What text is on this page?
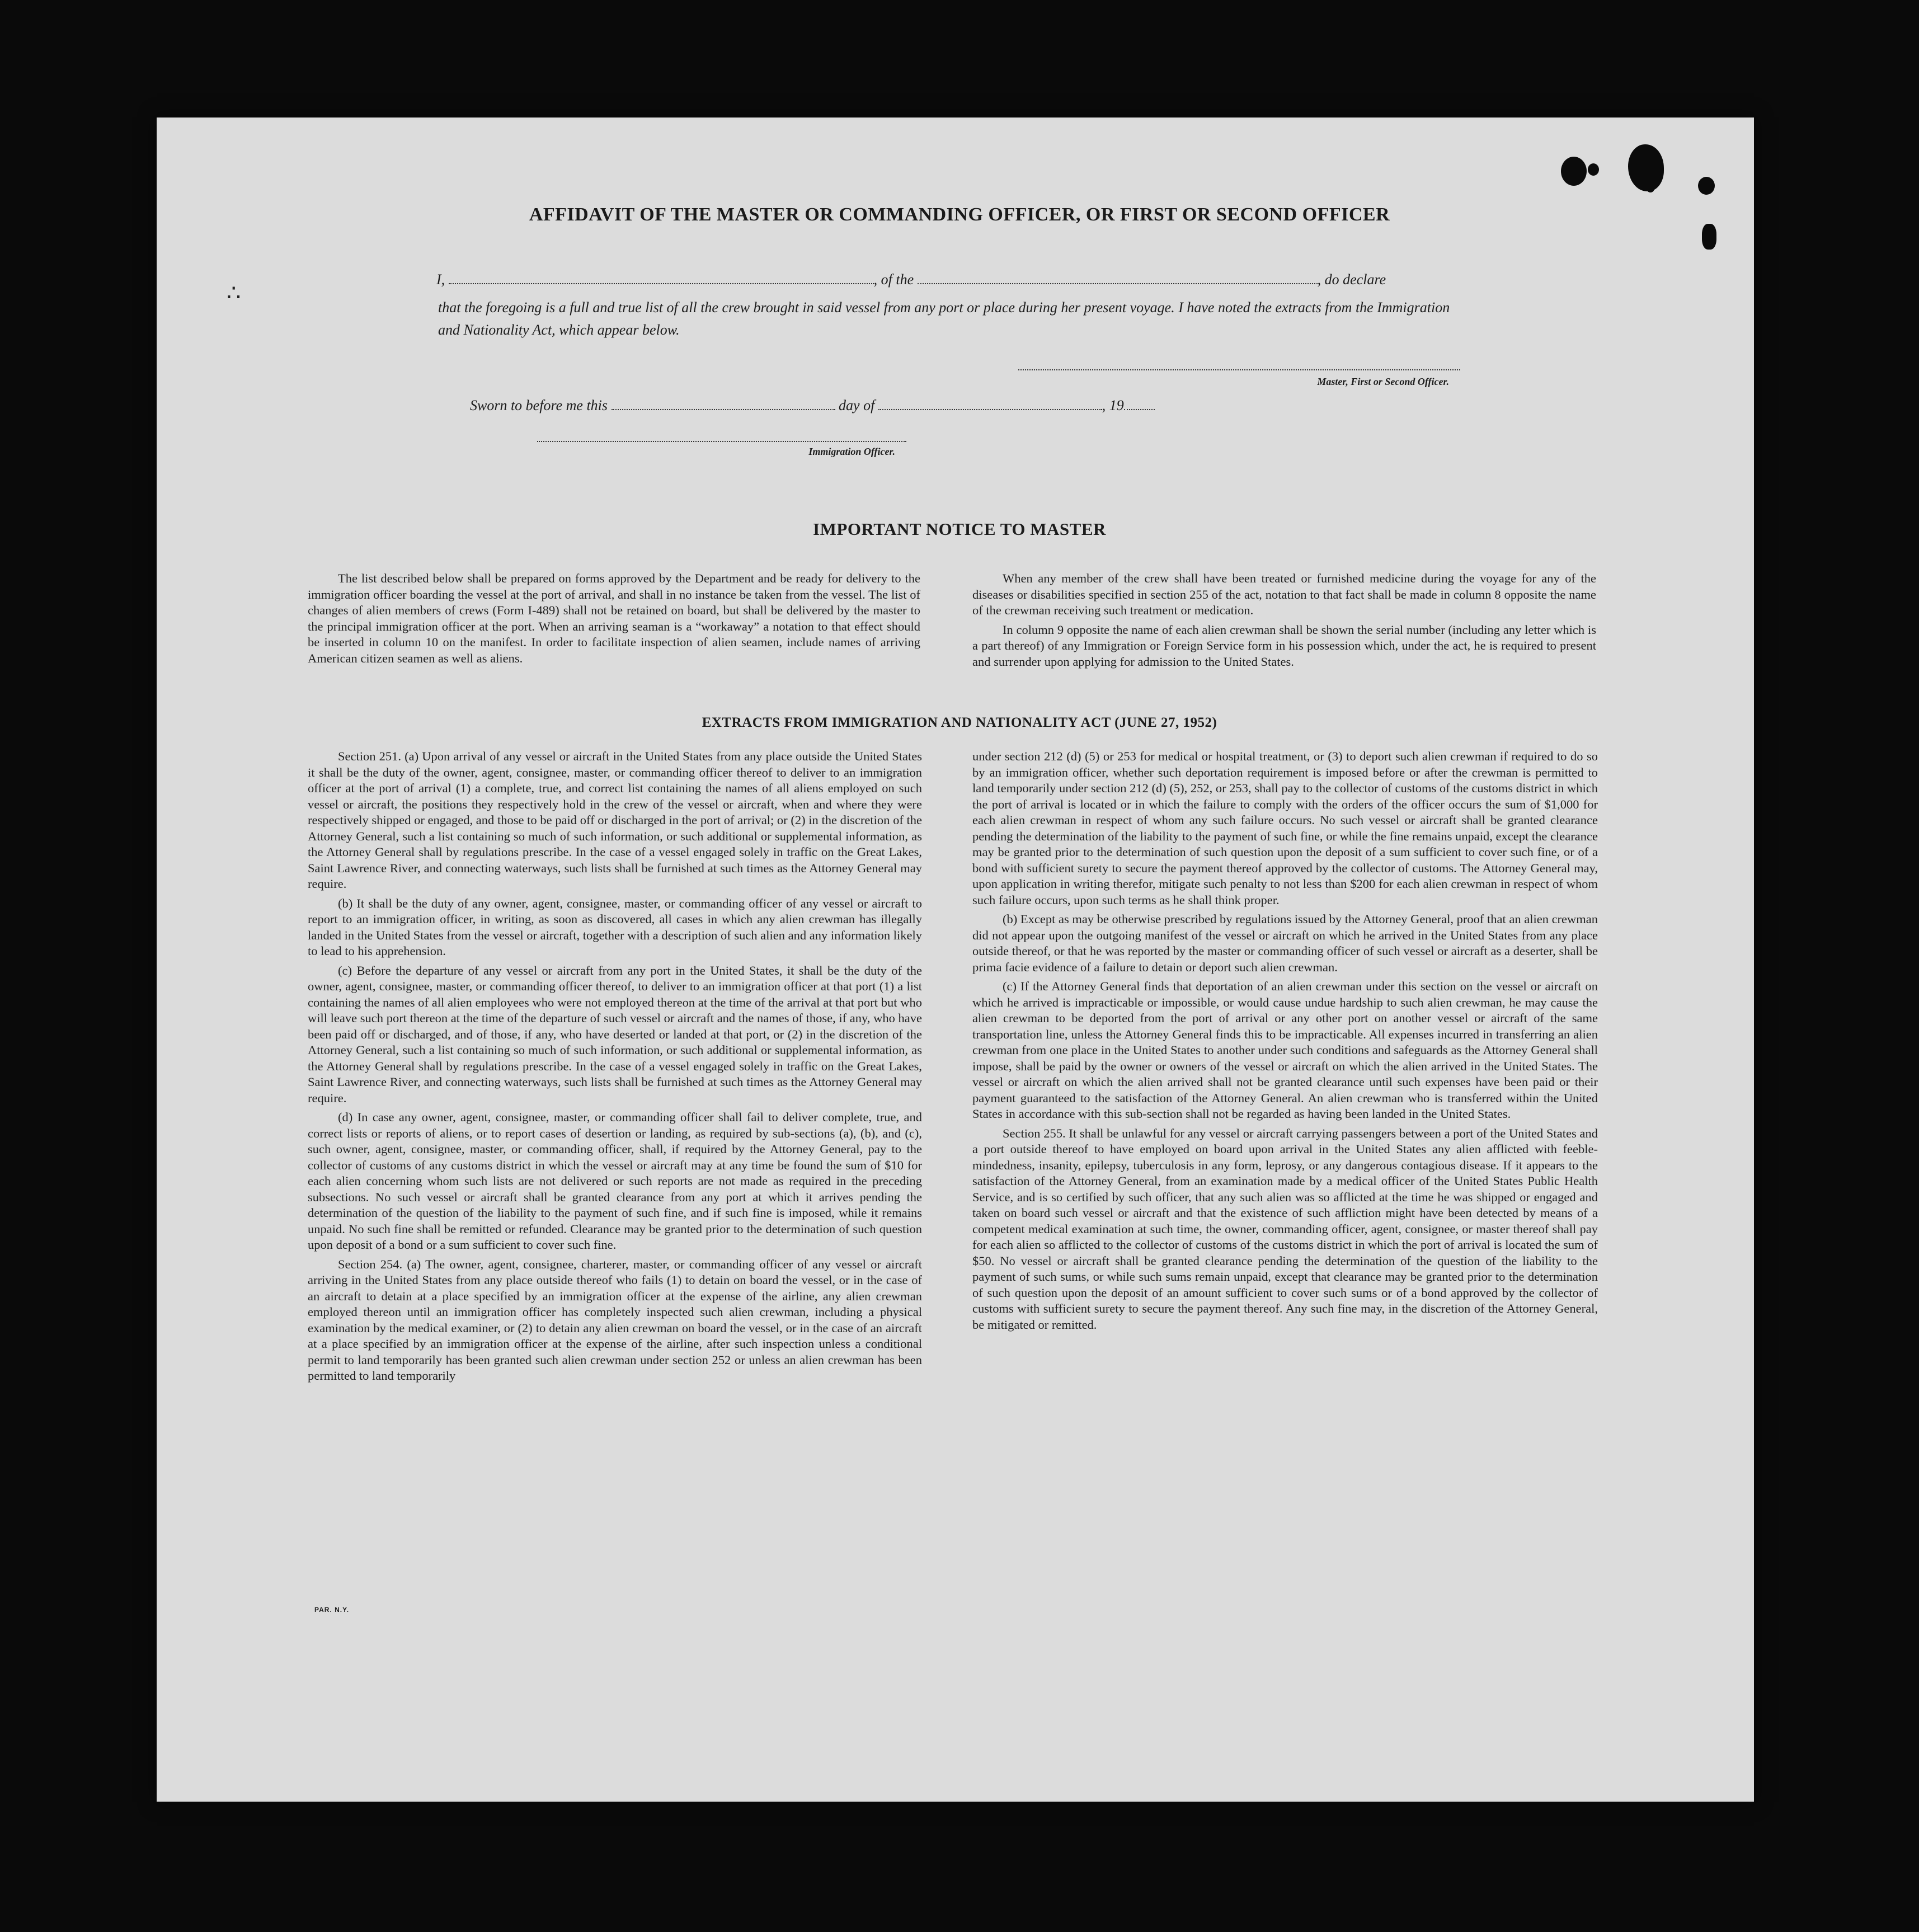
∴
AFFIDAVIT OF THE MASTER OR COMMANDING OFFICER, OR FIRST OR SECOND OFFICER
I,	, of the	, do declare
that the foregoing is a full and true list of all the crew brought in said vessel from any port or place during her present voyage. I have noted the extracts from the Immigration and Nationality Act, which appear below.
Master, First or Second Officer.
Sworn to before me this	day of	, 19
Immigration Officer.
IMPORTANT NOTICE TO MASTER

The list described below shall be prepared on forms approved by the Department and be ready for delivery to the immigration officer boarding the vessel at the port of arrival, and shall in no instance be taken from the vessel. The list of changes of alien members of crews (Form I-489) shall not be retained on board, but shall be delivered by the master to the principal immigration officer at the port. When an arriving seaman is a “workaway” a notation to that effect should be inserted in column 10 on the manifest. In order to facilitate inspection of alien seamen, include names of arriving American citizen seamen as well as aliens.

When any member of the crew shall have been treated or furnished medicine during the voyage for any of the diseases or disabilities specified in section 255 of the act, notation to that fact shall be made in column 8 opposite the name of the crewman receiving such treatment or medication.

In column 9 opposite the name of each alien crewman shall be shown the serial number (including any letter which is a part thereof) of any Immigration or Foreign Service form in his possession which, under the act, he is required to present and surrender upon applying for admission to the United States.

EXTRACTS FROM IMMIGRATION AND NATIONALITY ACT (JUNE 27, 1952)

Section 251. (a) Upon arrival of any vessel or aircraft in the United States from any place outside the United States it shall be the duty of the owner, agent, consignee, master, or commanding officer thereof to deliver to an immigration officer at the port of arrival (1) a complete, true, and correct list containing the names of all aliens employed on such vessel or aircraft, the positions they respectively hold in the crew of the vessel or aircraft, when and where they were respectively shipped or engaged, and those to be paid off or discharged in the port of arrival; or (2) in the discretion of the Attorney General, such a list containing so much of such information, or such additional or supplemental information, as the Attorney General shall by regulations prescribe. In the case of a vessel engaged solely in traffic on the Great Lakes, Saint Lawrence River, and connecting waterways, such lists shall be furnished at such times as the Attorney General may require.

(b) It shall be the duty of any owner, agent, consignee, master, or commanding officer of any vessel or aircraft to report to an immigration officer, in writing, as soon as discovered, all cases in which any alien crewman has illegally landed in the United States from the vessel or aircraft, together with a description of such alien and any information likely to lead to his apprehension.

(c) Before the departure of any vessel or aircraft from any port in the United States, it shall be the duty of the owner, agent, consignee, master, or commanding officer thereof, to deliver to an immigration officer at that port (1) a list containing the names of all alien employees who were not employed thereon at the time of the arrival at that port but who will leave such port thereon at the time of the departure of such vessel or aircraft and the names of those, if any, who have been paid off or discharged, and of those, if any, who have deserted or landed at that port, or (2) in the discretion of the Attorney General, such a list containing so much of such information, or such additional or supplemental information, as the Attorney General shall by regulations prescribe. In the case of a vessel engaged solely in traffic on the Great Lakes, Saint Lawrence River, and connecting waterways, such lists shall be furnished at such times as the Attorney General may require.

(d) In case any owner, agent, consignee, master, or commanding officer shall fail to deliver complete, true, and correct lists or reports of aliens, or to report cases of desertion or landing, as required by sub-sections (a), (b), and (c), such owner, agent, consignee, master, or commanding officer, shall, if required by the Attorney General, pay to the collector of customs of any customs district in which the vessel or aircraft may at any time be found the sum of $10 for each alien concerning whom such lists are not delivered or such reports are not made as required in the preceding subsections. No such vessel or aircraft shall be granted clearance from any port at which it arrives pending the determination of the question of the liability to the payment of such fine, and if such fine is imposed, while it remains unpaid. No such fine shall be remitted or refunded. Clearance may be granted prior to the determination of such question upon deposit of a bond or a sum sufficient to cover such fine.

Section 254. (a) The owner, agent, consignee, charterer, master, or commanding officer of any vessel or aircraft arriving in the United States from any place outside thereof who fails (1) to detain on board the vessel, or in the case of an aircraft to detain at a place specified by an immigration officer at the expense of the airline, any alien crewman employed thereon until an immigration officer has completely inspected such alien crewman, including a physical examination by the medical examiner, or (2) to detain any alien crewman on board the vessel, or in the case of an aircraft at a place specified by an immigration officer at the expense of the airline, after such inspection unless a conditional permit to land temporarily has been granted such alien crewman under section 252 or unless an alien crewman has been permitted to land temporarily

under section 212 (d) (5) or 253 for medical or hospital treatment, or (3) to deport such alien crewman if required to do so by an immigration officer, whether such deportation requirement is imposed before or after the crewman is permitted to land temporarily under section 212 (d) (5), 252, or 253, shall pay to the collector of customs of the customs district in which the port of arrival is located or in which the failure to comply with the orders of the officer occurs the sum of $1,000 for each alien crewman in respect of whom any such failure occurs. No such vessel or aircraft shall be granted clearance pending the determination of the liability to the payment of such fine, or while the fine remains unpaid, except the clearance may be granted prior to the determination of such question upon the deposit of a sum sufficient to cover such fine, or of a bond with sufficient surety to secure the payment thereof approved by the collector of customs. The Attorney General may, upon application in writing therefor, mitigate such penalty to not less than $200 for each alien crewman in respect of whom such failure occurs, upon such terms as he shall think proper.

(b) Except as may be otherwise prescribed by regulations issued by the Attorney General, proof that an alien crewman did not appear upon the outgoing manifest of the vessel or aircraft on which he arrived in the United States from any place outside thereof, or that he was reported by the master or commanding officer of such vessel or aircraft as a deserter, shall be prima facie evidence of a failure to detain or deport such alien crewman.

(c) If the Attorney General finds that deportation of an alien crewman under this section on the vessel or aircraft on which he arrived is impracticable or impossible, or would cause undue hardship to such alien crewman, he may cause the alien crewman to be deported from the port of arrival or any other port on another vessel or aircraft of the same transportation line, unless the Attorney General finds this to be impracticable. All expenses incurred in transferring an alien crewman from one place in the United States to another under such conditions and safeguards as the Attorney General shall impose, shall be paid by the owner or owners of the vessel or aircraft on which the alien arrived in the United States. The vessel or aircraft on which the alien arrived shall not be granted clearance until such expenses have been paid or their payment guaranteed to the satisfaction of the Attorney General. An alien crewman who is transferred within the United States in accordance with this sub-section shall not be regarded as having been landed in the United States.

Section 255. It shall be unlawful for any vessel or aircraft carrying passengers between a port of the United States and a port outside thereof to have employed on board upon arrival in the United States any alien afflicted with feeble-mindedness, insanity, epilepsy, tuberculosis in any form, leprosy, or any dangerous contagious disease. If it appears to the satisfaction of the Attorney General, from an examination made by a medical officer of the United States Public Health Service, and is so certified by such officer, that any such alien was so afflicted at the time he was shipped or engaged and taken on board such vessel or aircraft and that the existence of such affliction might have been detected by means of a competent medical examination at such time, the owner, commanding officer, agent, consignee, or master thereof shall pay for each alien so afflicted to the collector of customs of the customs district in which the port of arrival is located the sum of $50. No vessel or aircraft shall be granted clearance pending the determination of the question of the liability to the payment of such sums, or while such sums remain unpaid, except that clearance may be granted prior to the determination of such question upon the deposit of an amount sufficient to cover such sums or of a bond approved by the collector of customs with sufficient surety to secure the payment thereof. Any such fine may, in the discretion of the Attorney General, be mitigated or remitted.

PAR. N.Y.
